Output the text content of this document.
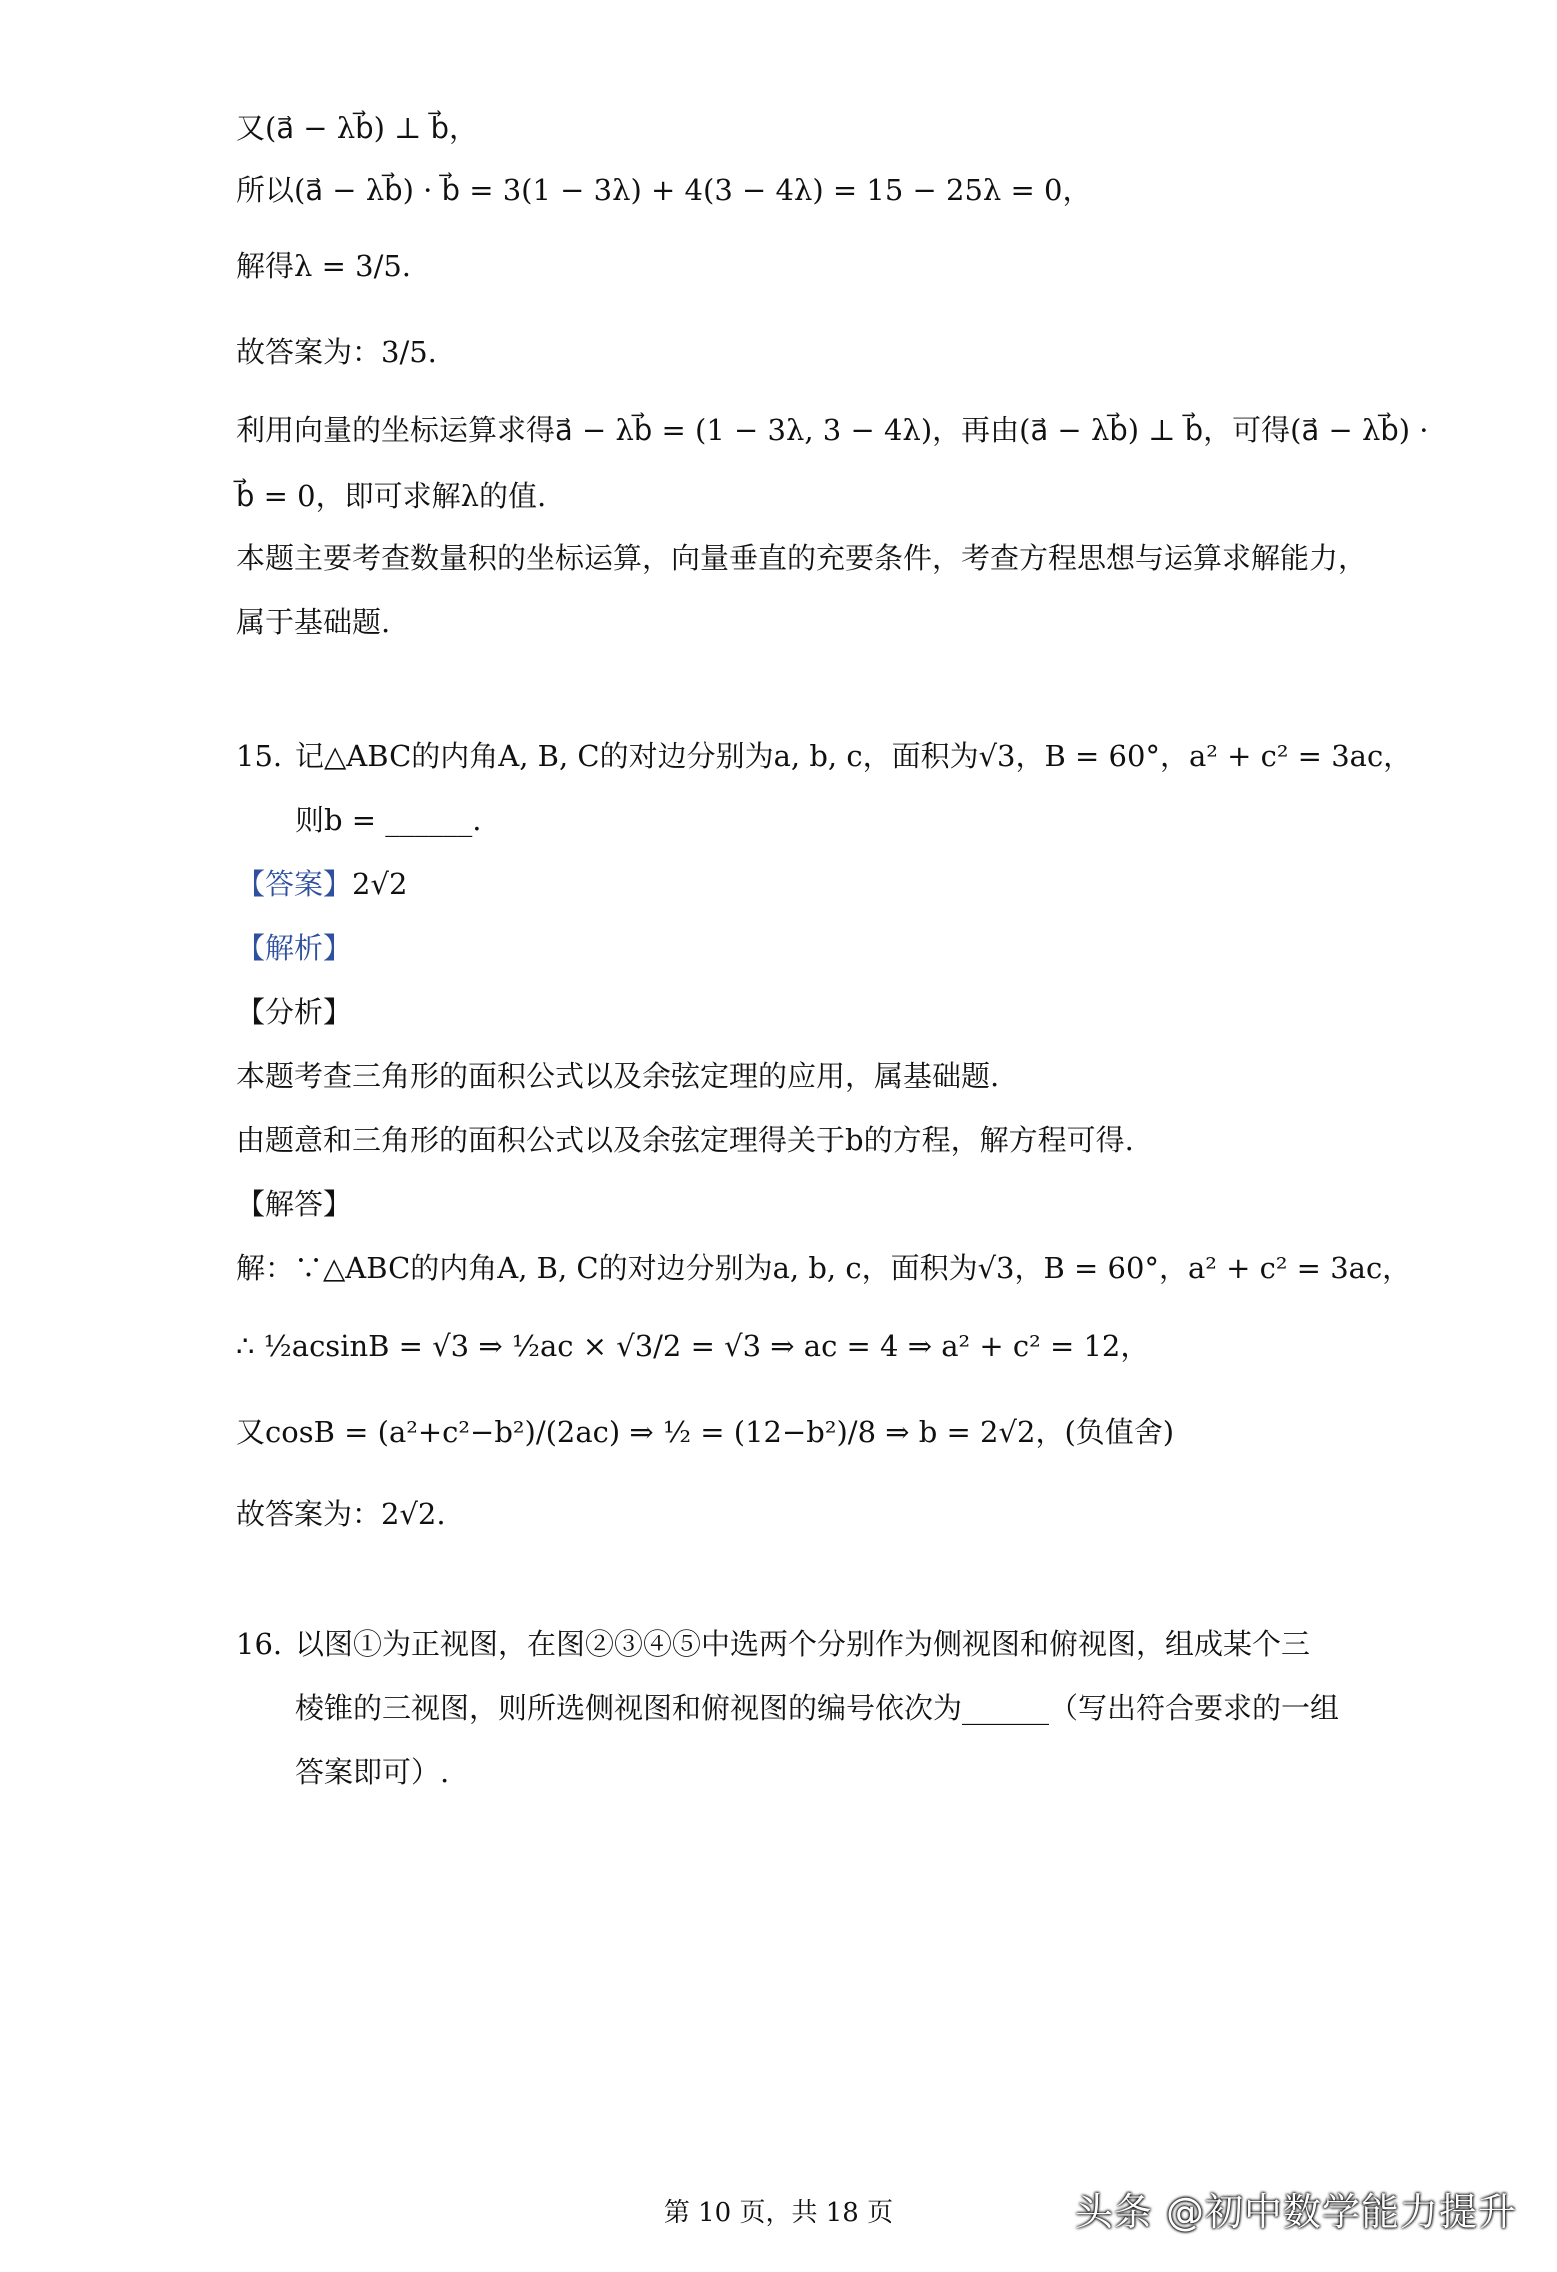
又(a⃗ − λb⃗) ⊥ b⃗，
所以(a⃗ − λb⃗) · b⃗ = 3(1 − 3λ) + 4(3 − 4λ) = 15 − 25λ = 0，
解得λ = 3/5.
故答案为：3/5.
利用向量的坐标运算求得a⃗ − λb⃗ = (1 − 3λ, 3 − 4λ)，再由(a⃗ − λb⃗) ⊥ b⃗，可得(a⃗ − λb⃗) ·
b⃗ = 0，即可求解λ的值.
本题主要考查数量积的坐标运算，向量垂直的充要条件，考查方程思想与运算求解能力，
属于基础题.
15. 记△ABC的内角A, B, C的对边分别为a, b, c，面积为√3，B = 60°，a² + c² = 3ac，
则b = ______.
【答案】2√2
【解析】
【分析】
本题考查三角形的面积公式以及余弦定理的应用，属基础题.
由题意和三角形的面积公式以及余弦定理得关于b的方程，解方程可得.
【解答】
解：∵△ABC的内角A, B, C的对边分别为a, b, c，面积为√3，B = 60°，a² + c² = 3ac，
∴ ½acsinB = √3 ⇒ ½ac × √3/2 = √3 ⇒ ac = 4 ⇒ a² + c² = 12，
又cosB = (a²+c²−b²)/(2ac) ⇒ ½ = (12−b²)/8 ⇒ b = 2√2，(负值舍)
故答案为：2√2.
16. 以图①为正视图，在图②③④⑤中选两个分别作为侧视图和俯视图，组成某个三
棱锥的三视图，则所选侧视图和俯视图的编号依次为______（写出符合要求的一组
答案即可）.
第 10 页，共 18 页	头条 @初中数学能力提升
